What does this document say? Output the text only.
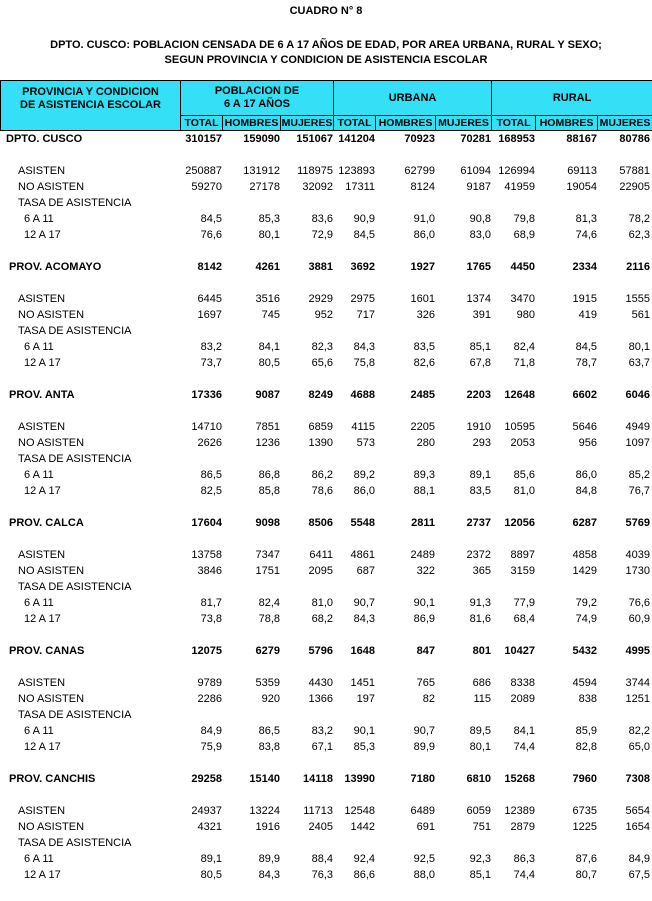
CUADRO N° 8
DPTO. CUSCO: POBLACION CENSADA DE 6 A 17 AÑOS DE EDAD, POR AREA URBANA, RURAL Y SEXO;
SEGUN PROVINCIA Y CONDICION DE ASISTENCIA ESCOLAR
PROVINCIA Y CONDICION
DE ASISTENCIA ESCOLAR	POBLACION DE
6 A 17 AÑOS			URBANA			RURAL		
	TOTAL	HOMBRES	MUJERES	TOTAL	HOMBRES	MUJERES	TOTAL	HOMBRES	MUJERES
DPTO. CUSCO	310157	159090	151067 141204	70923	70281 168953	88167	80786
ASISTEN	250887	131912	118975 123893	62799	61094 126994	69113	57881
NO ASISTEN	59270	27178	32092	17311	8124	9187	41959	19054	22905
TASA DE ASISTENCIA
6 A 11	84,5	85,3	83,6	90,9	91,0	90,8	79,8	81,3	78,2
12 A 17	76,6	80,1	72,9	84,5	86,0	83,0	68,9	74,6	62,3
PROV. ACOMAYO	8142	4261	3881	3692	1927	1765	4450	2334	2116
ASISTEN	6445	3516	2929	2975	1601	1374	3470	1915	1555
NO ASISTEN	1697	745	952	717	326	391	980	419	561
TASA DE ASISTENCIA
6 A 11	83,2	84,1	82,3	84,3	83,5	85,1	82,4	84,5	80,1
12 A 17	73,7	80,5	65,6	75,8	82,6	67,8	71,8	78,7	63,7
PROV. ANTA	17336	9087	8249	4688	2485	2203	12648	6602	6046
ASISTEN	14710	7851	6859	4115	2205	1910	10595	5646	4949
NO ASISTEN	2626	1236	1390	573	280	293	2053	956	1097
TASA DE ASISTENCIA
6 A 11	86,5	86,8	86,2	89,2	89,3	89,1	85,6	86,0	85,2
12 A 17	82,5	85,8	78,6	86,0	88,1	83,5	81,0	84,8	76,7
PROV. CALCA	17604	9098	8506	5548	2811	2737	12056	6287	5769
ASISTEN	13758	7347	6411	4861	2489	2372	8897	4858	4039
NO ASISTEN	3846	1751	2095	687	322	365	3159	1429	1730
TASA DE ASISTENCIA
6 A 11	81,7	82,4	81,0	90,7	90,1	91,3	77,9	79,2	76,6
12 A 17	73,8	78,8	68,2	84,3	86,9	81,6	68,4	74,9	60,9
PROV. CANAS	12075	6279	5796	1648	847	801	10427	5432	4995
ASISTEN	9789	5359	4430	1451	765	686	8338	4594	3744
NO ASISTEN	2286	920	1366	197	82	115	2089	838	1251
TASA DE ASISTENCIA
6 A 11	84,9	86,5	83,2	90,1	90,7	89,5	84,1	85,9	82,2
12 A 17	75,9	83,8	67,1	85,3	89,9	80,1	74,4	82,8	65,0
PROV. CANCHIS	29258	15140	14118	13990	7180	6810	15268	7960	7308
ASISTEN	24937	13224	11713	12548	6489	6059	12389	6735	5654
NO ASISTEN	4321	1916	2405	1442	691	751	2879	1225	1654
TASA DE ASISTENCIA
6 A 11	89,1	89,9	88,4	92,4	92,5	92,3	86,3	87,6	84,9
12 A 17	80,5	84,3	76,3	86,6	88,0	85,1	74,4	80,7	67,5
